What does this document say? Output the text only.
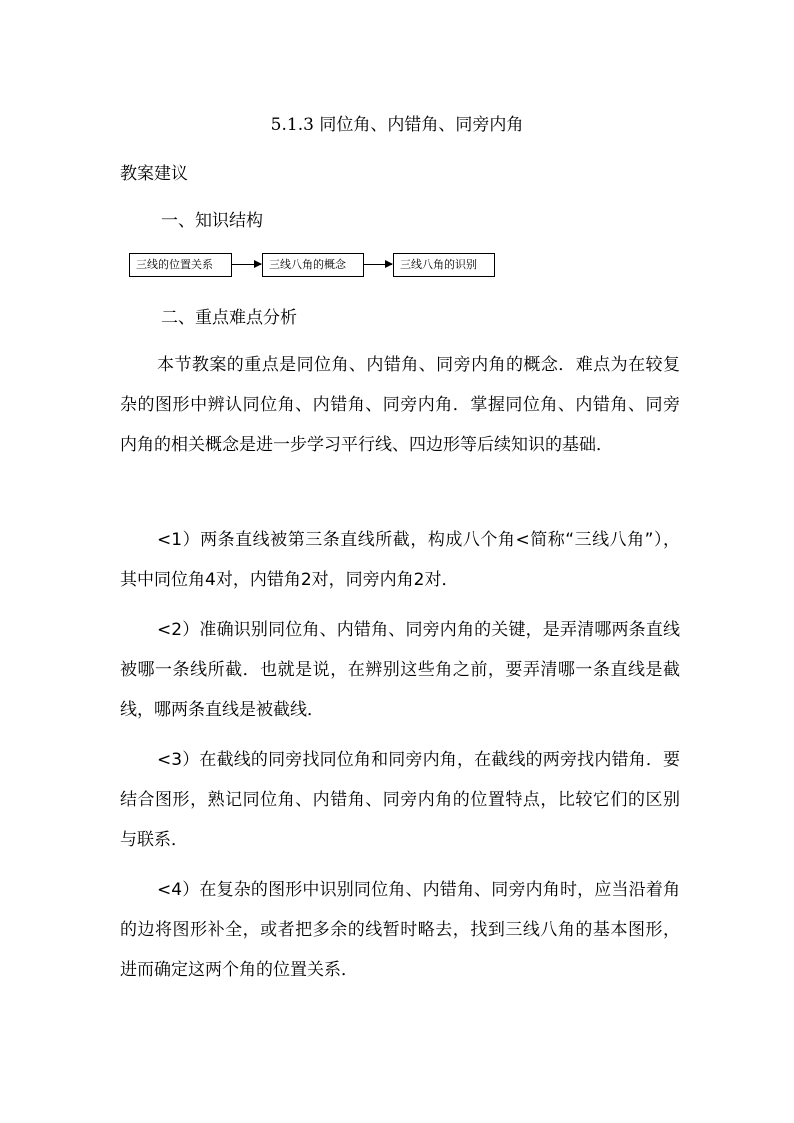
5.1.3 同位角、内错角、同旁内角
教案建议
一、知识结构
三线的位置关系	三线八角的概念	三线八角的识别
二、重点难点分析

本节教案的重点是同位角、内错角、同旁内角的概念．难点为在较复杂的图形中辨认同位角、内错角、同旁内角．掌握同位角、内错角、同旁内角的相关概念是进一步学习平行线、四边形等后续知识的基础．

<1）两条直线被第三条直线所截，构成八个角<简称“三线八角”），其中同位角4对，内错角2对，同旁内角2对．

<2）准确识别同位角、内错角、同旁内角的关键，是弄清哪两条直线被哪一条线所截．也就是说，在辨别这些角之前，要弄清哪一条直线是截线，哪两条直线是被截线．

<3）在截线的同旁找同位角和同旁内角，在截线的两旁找内错角．要结合图形，熟记同位角、内错角、同旁内角的位置特点，比较它们的区别与联系．

<4）在复杂的图形中识别同位角、内错角、同旁内角时，应当沿着角的边将图形补全，或者把多余的线暂时略去，找到三线八角的基本图形，进而确定这两个角的位置关系．
